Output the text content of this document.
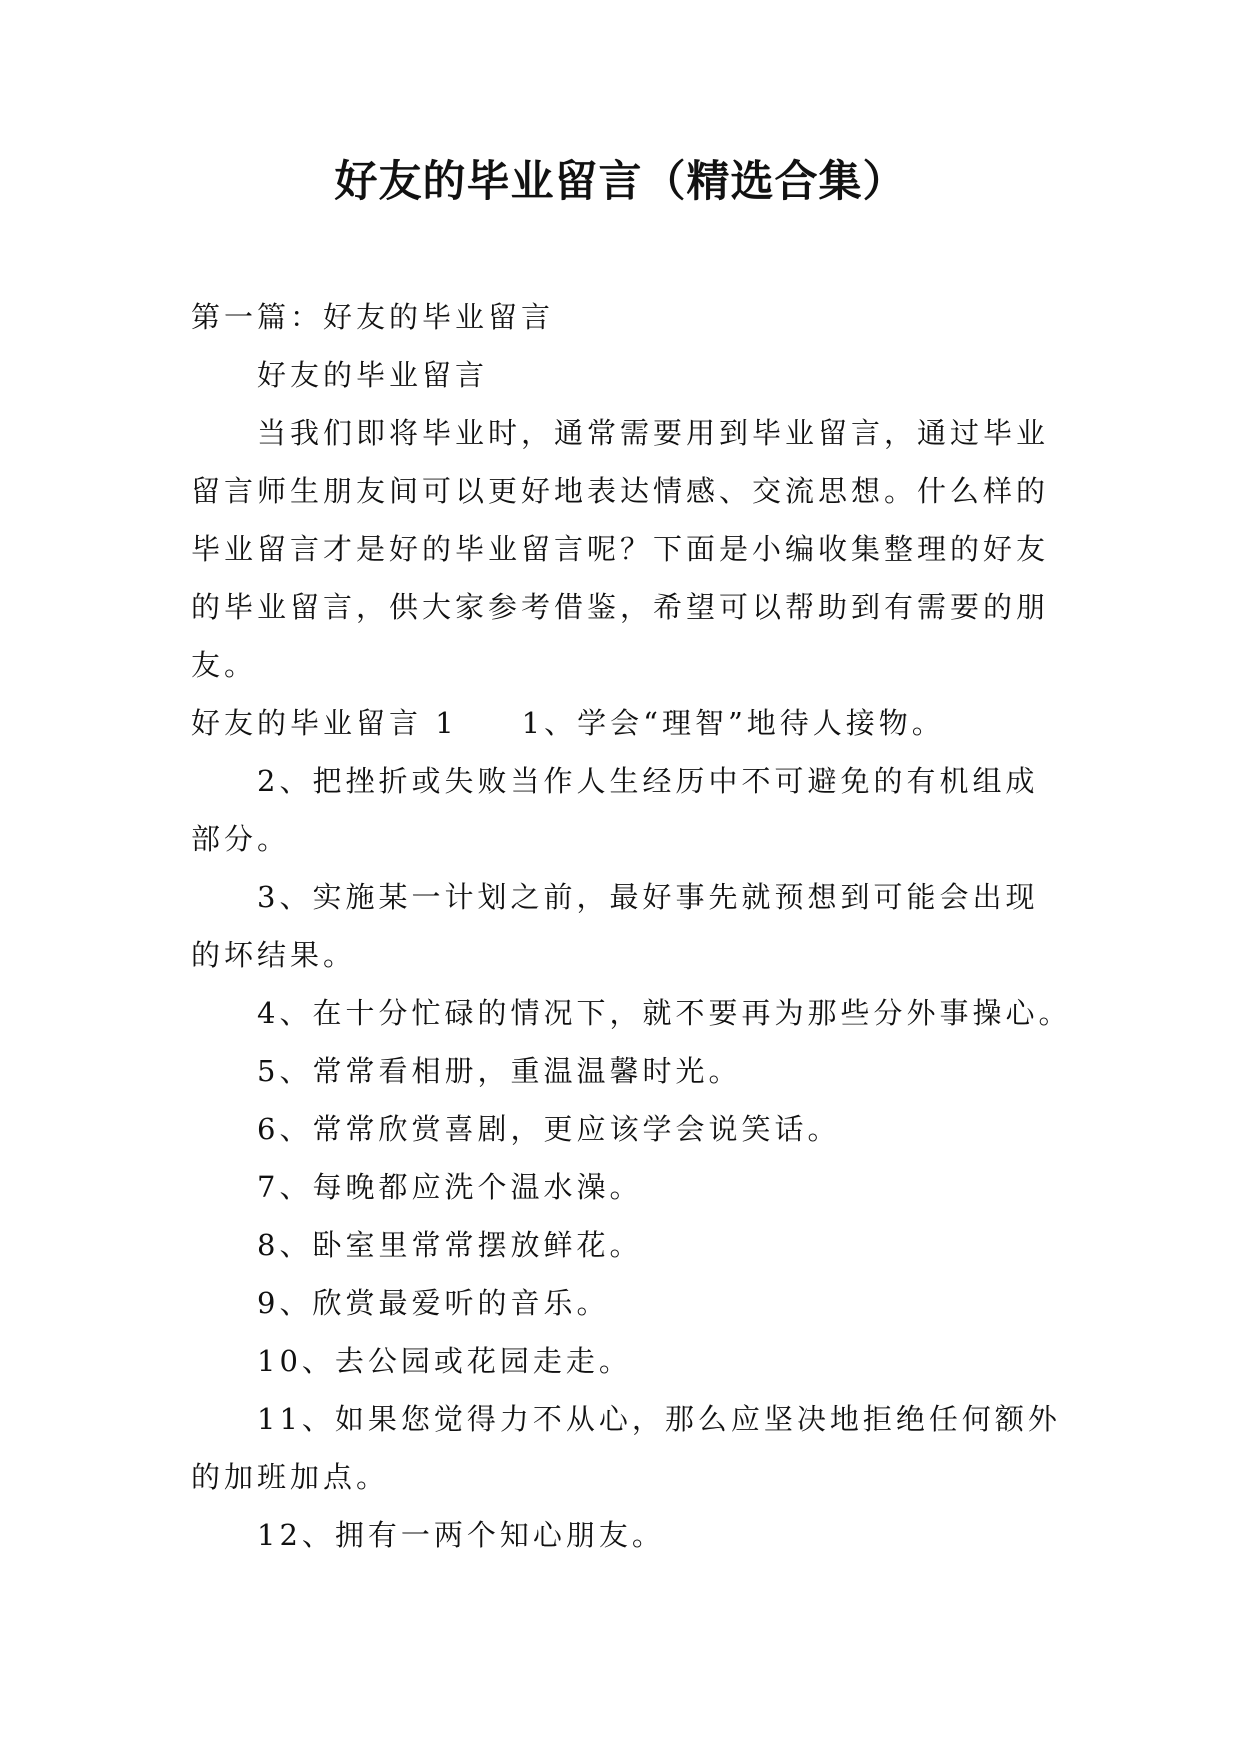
好友的毕业留言（精选合集）

第一篇：好友的毕业留言

好友的毕业留言

当我们即将毕业时，通常需要用到毕业留言，通过毕业留言师生朋友间可以更好地表达情感、交流思想。什么样的毕业留言才是好的毕业留言呢？下面是小编收集整理的好友的毕业留言，供大家参考借鉴，希望可以帮助到有需要的朋友。

好友的毕业留言 1 1、学会“理智”地待人接物。

2、把挫折或失败当作人生经历中不可避免的有机组成部分。

3、实施某一计划之前，最好事先就预想到可能会出现的坏结果。

4、在十分忙碌的情况下，就不要再为那些分外事操心。

5、常常看相册，重温温馨时光。

6、常常欣赏喜剧，更应该学会说笑话。

7、每晚都应洗个温水澡。

8、卧室里常常摆放鲜花。

9、欣赏最爱听的音乐。

10、去公园或花园走走。

11、如果您觉得力不从心，那么应坚决地拒绝任何额外的加班加点。

12、拥有一两个知心朋友。
